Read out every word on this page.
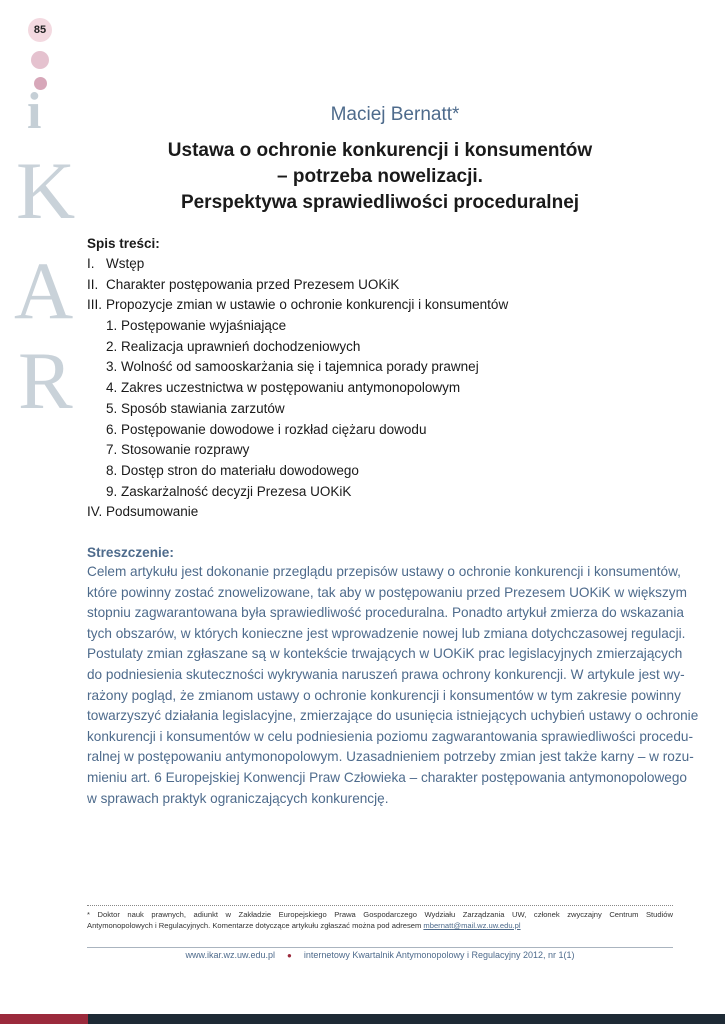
85
i
K
A
R
Maciej Bernatt*
Ustawa o ochronie konkurencji i konsumentów
– potrzeba nowelizacji.
Perspektywa sprawiedliwości proceduralnej
Spis treści:
I. Wstęp
II. Charakter postępowania przed Prezesem UOKiK
III. Propozycje zmian w ustawie o ochronie konkurencji i konsumentów
1. Postępowanie wyjaśniające
2. Realizacja uprawnień dochodzeniowych
3. Wolność od samooskarżania się i tajemnica porady prawnej
4. Zakres uczestnictwa w postępowaniu antymonopolowym
5. Sposób stawiania zarzutów
6. Postępowanie dowodowe i rozkład ciężaru dowodu
7. Stosowanie rozprawy
8. Dostęp stron do materiału dowodowego
9. Zaskarżalność decyzji Prezesa UOKiK
IV. Podsumowanie
Streszczenie:
Celem artykułu jest dokonanie przeglądu przepisów ustawy o ochronie konkurencji i konsumentów,
które powinny zostać znowelizowane, tak aby w postępowaniu przed Prezesem UOKiK w większym
stopniu zagwarantowana była sprawiedliwość proceduralna. Ponadto artykuł zmierza do wskazania
tych obszarów, w których konieczne jest wprowadzenie nowej lub zmiana dotychczasowej regulacji.
Postulaty zmian zgłaszane są w kontekście trwających w UOKiK prac legislacyjnych zmierzających
do podniesienia skuteczności wykrywania naruszeń prawa ochrony konkurencji. W artykule jest wy-
rażony pogląd, że zmianom ustawy o ochronie konkurencji i konsumentów w tym zakresie powinny
towarzyszyć działania legislacyjne, zmierzające do usunięcia istniejących uchybień ustawy o ochronie
konkurencji i konsumentów w celu podniesienia poziomu zagwarantowania sprawiedliwości procedu-
ralnej w postępowaniu antymonopolowym. Uzasadnieniem potrzeby zmian jest także karny – w rozu-
mieniu art. 6 Europejskiej Konwencji Praw Człowieka – charakter postępowania antymonopolowego
w sprawach praktyk ograniczających konkurencję.
* Doktor nauk prawnych, adiunkt w Zakładzie Europejskiego Prawa Gospodarczego Wydziału Zarządzania UW, członek zwyczajny Centrum Studiów
Antymonopolowych i Regulacyjnych. Komentarze dotyczące artykułu zgłaszać można pod adresem mbernatt@mail.wz.uw.edu.pl
www.ikar.wz.uw.edu.pl ● internetowy Kwartalnik Antymonopolowy i Regulacyjny 2012, nr 1(1)
